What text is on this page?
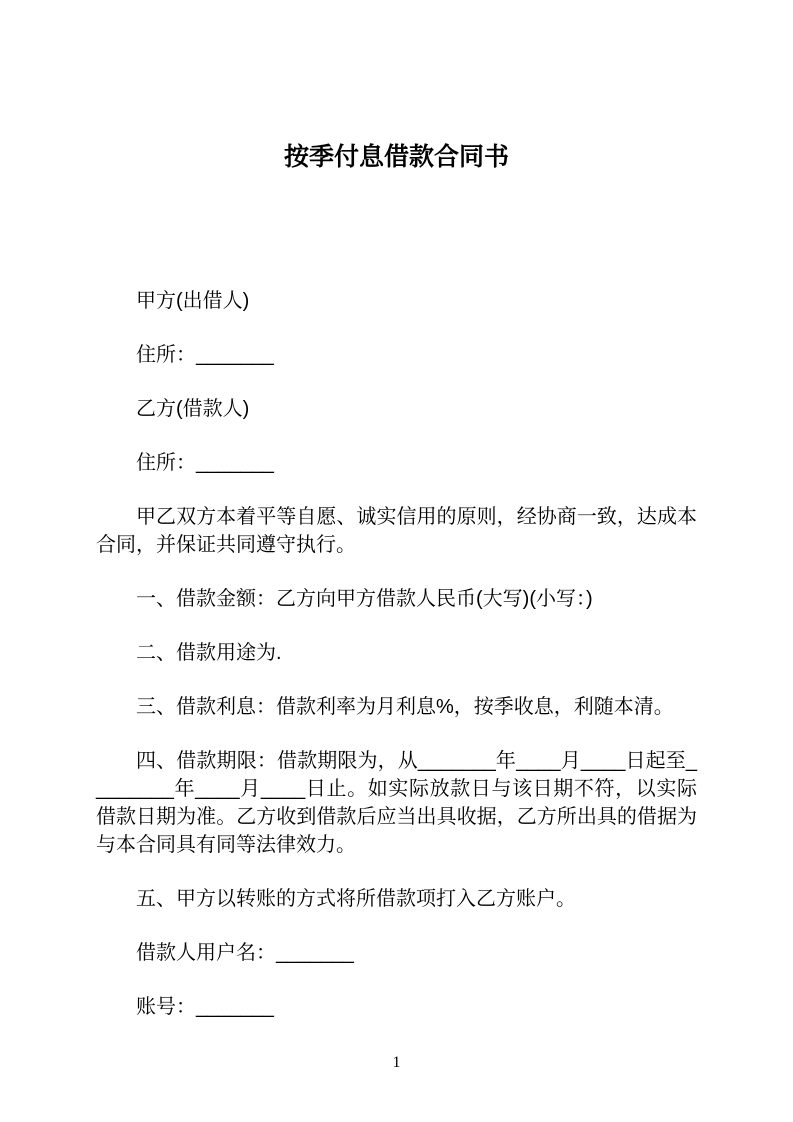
按季付息借款合同书

甲方(出借人)

住所：_______

乙方(借款人)

住所：_______

甲乙双方本着平等自愿、诚实信用的原则，经协商一致，达成本合同，并保证共同遵守执行。

一、借款金额：乙方向甲方借款人民币(大写)(小写：)

二、借款用途为.

三、借款利息：借款利率为月利息%，按季收息，利随本清。

四、借款期限：借款期限为，从_______年____月____日起至________年____月____日止。如实际放款日与该日期不符，以实际借款日期为准。乙方收到借款后应当出具收据，乙方所出具的借据为与本合同具有同等法律效力。

五、甲方以转账的方式将所借款项打入乙方账户。

借款人用户名：_______

账号：_______

1
